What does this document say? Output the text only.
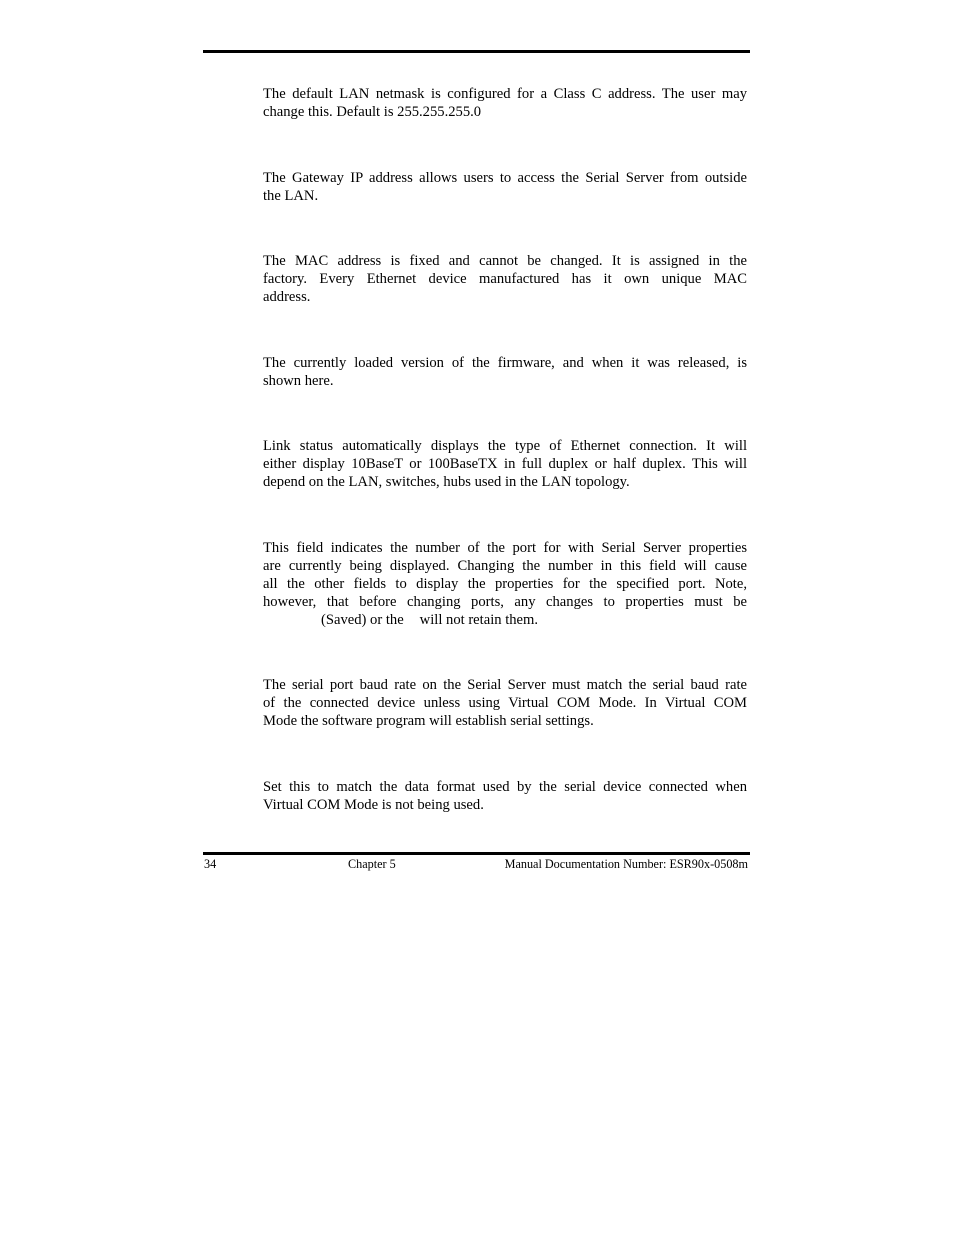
The default LAN netmask is configured for a Class C address. The user may
change this. Default is 255.255.255.0

The Gateway IP address allows users to access the Serial Server from outside
the LAN.

The MAC address is fixed and cannot be changed. It is assigned in the
factory. Every Ethernet device manufactured has it own unique MAC
address.

The currently loaded version of the firmware, and when it was released, is
shown here.

Link status automatically displays the type of Ethernet connection. It will
either display 10BaseT or 100BaseTX in full duplex or half duplex. This will
depend on the LAN, switches, hubs used in the LAN topology.

This field indicates the number of the port for with Serial Server properties
are currently being displayed. Changing the number in this field will cause
all the other fields to display the properties for the specified port. Note,
however, that before changing ports, any changes to properties must be
(Saved) or the will not retain them.

The serial port baud rate on the Serial Server must match the serial baud rate
of the connected device unless using Virtual COM Mode. In Virtual COM
Mode the software program will establish serial settings.

Set this to match the data format used by the serial device connected when
Virtual COM Mode is not being used.

34	Chapter 5	Manual Documentation Number: ESR90x-0508m
